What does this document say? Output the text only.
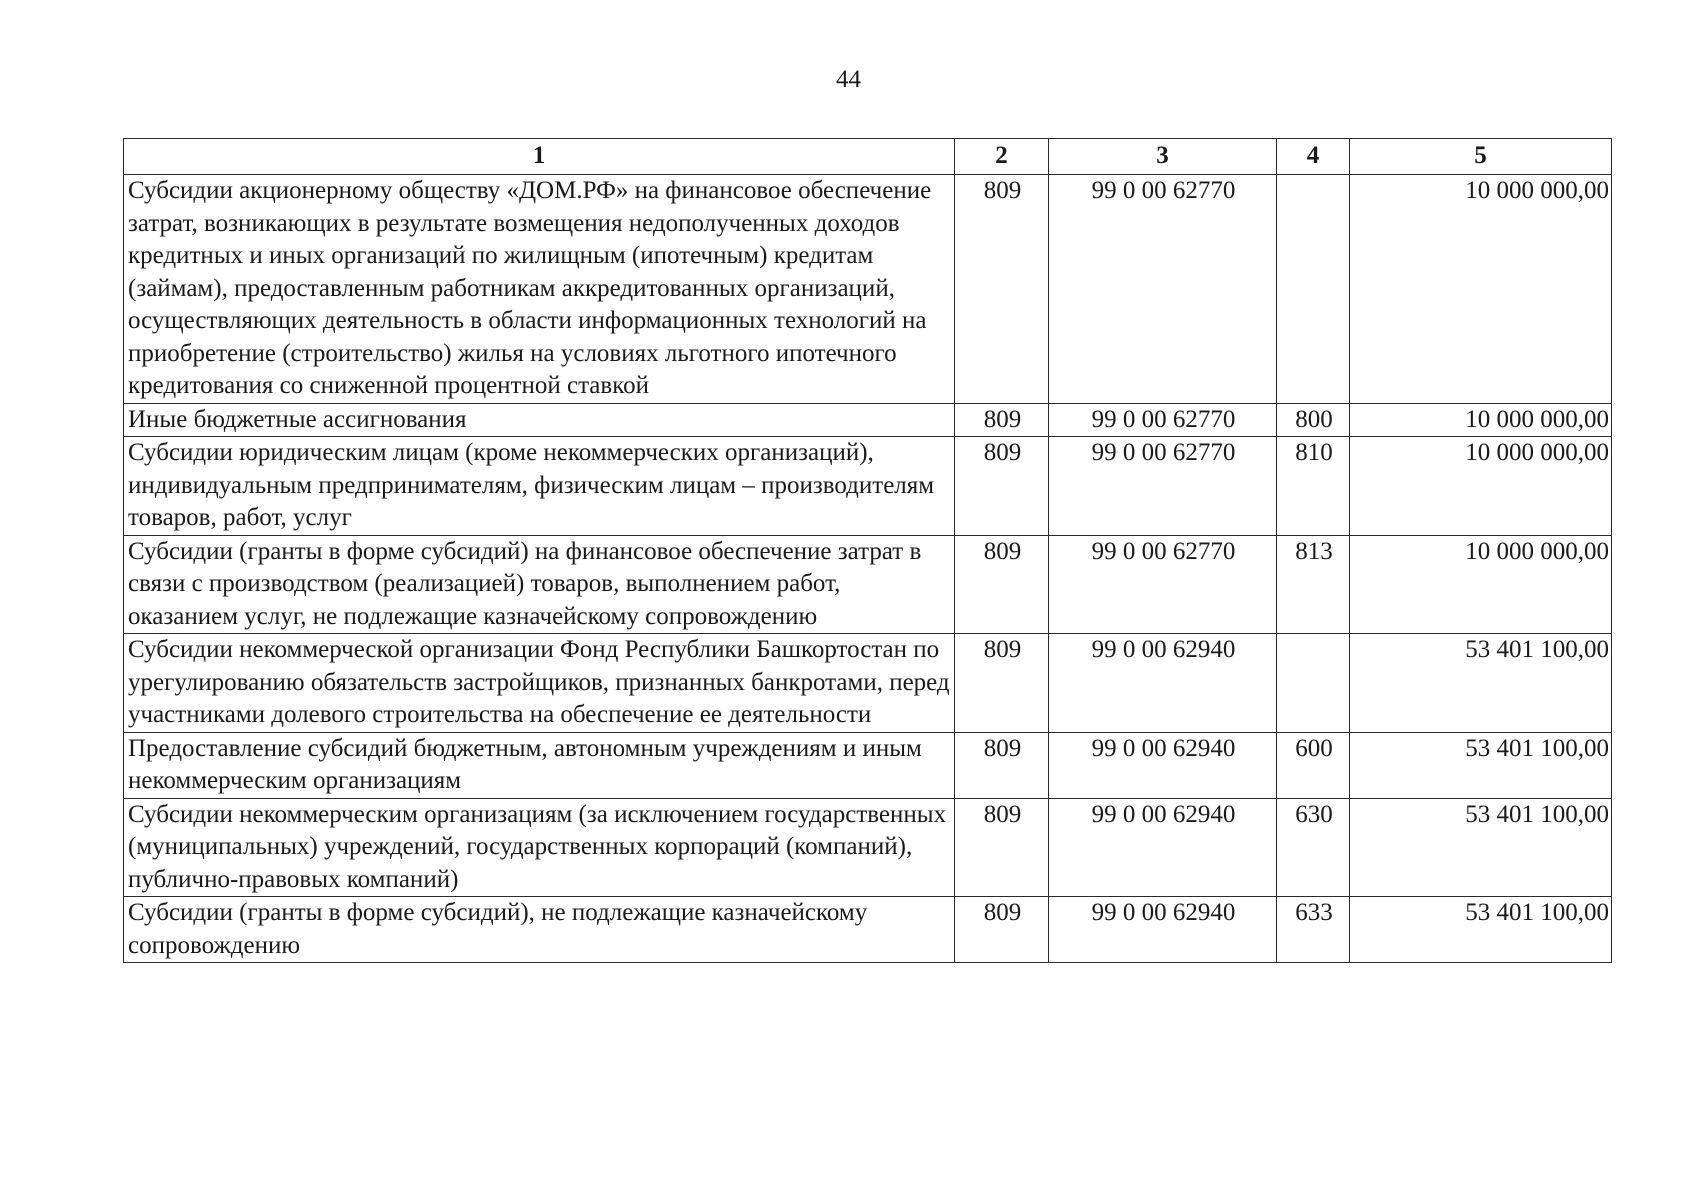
44
1	2	3	4	5
Субсидии акционерному обществу «ДОМ.РФ» на финансовое обеспечение затрат, возникающих в результате возмещения недополученных доходов кредитных и иных организаций по жилищным (ипотечным) кредитам (займам), предоставленным работникам аккредитованных организаций, осуществляющих деятельность в области информационных технологий на приобретение (строительство) жилья на условиях льготного ипотечного кредитования со сниженной процентной ставкой	809	99 0 00 62770		10 000 000,00
Иные бюджетные ассигнования	809	99 0 00 62770	800	10 000 000,00
Субсидии юридическим лицам (кроме некоммерческих организаций), индивидуальным предпринимателям, физическим лицам – производителям товаров, работ, услуг	809	99 0 00 62770	810	10 000 000,00
Субсидии (гранты в форме субсидий) на финансовое обеспечение затрат в связи с производством (реализацией) товаров, выполнением работ, оказанием услуг, не подлежащие казначейскому сопровождению	809	99 0 00 62770	813	10 000 000,00
Субсидии некоммерческой организации Фонд Республики Башкортостан по урегулированию обязательств застройщиков, признанных банкротами, перед участниками долевого строительства на обеспечение ее деятельности	809	99 0 00 62940		53 401 100,00
Предоставление субсидий бюджетным, автономным учреждениям и иным некоммерческим организациям	809	99 0 00 62940	600	53 401 100,00
Субсидии некоммерческим организациям (за исключением государственных (муниципальных) учреждений, государственных корпораций (компаний), публично-правовых компаний)	809	99 0 00 62940	630	53 401 100,00
Субсидии (гранты в форме субсидий), не подлежащие казначейскому сопровождению	809	99 0 00 62940	633	53 401 100,00
